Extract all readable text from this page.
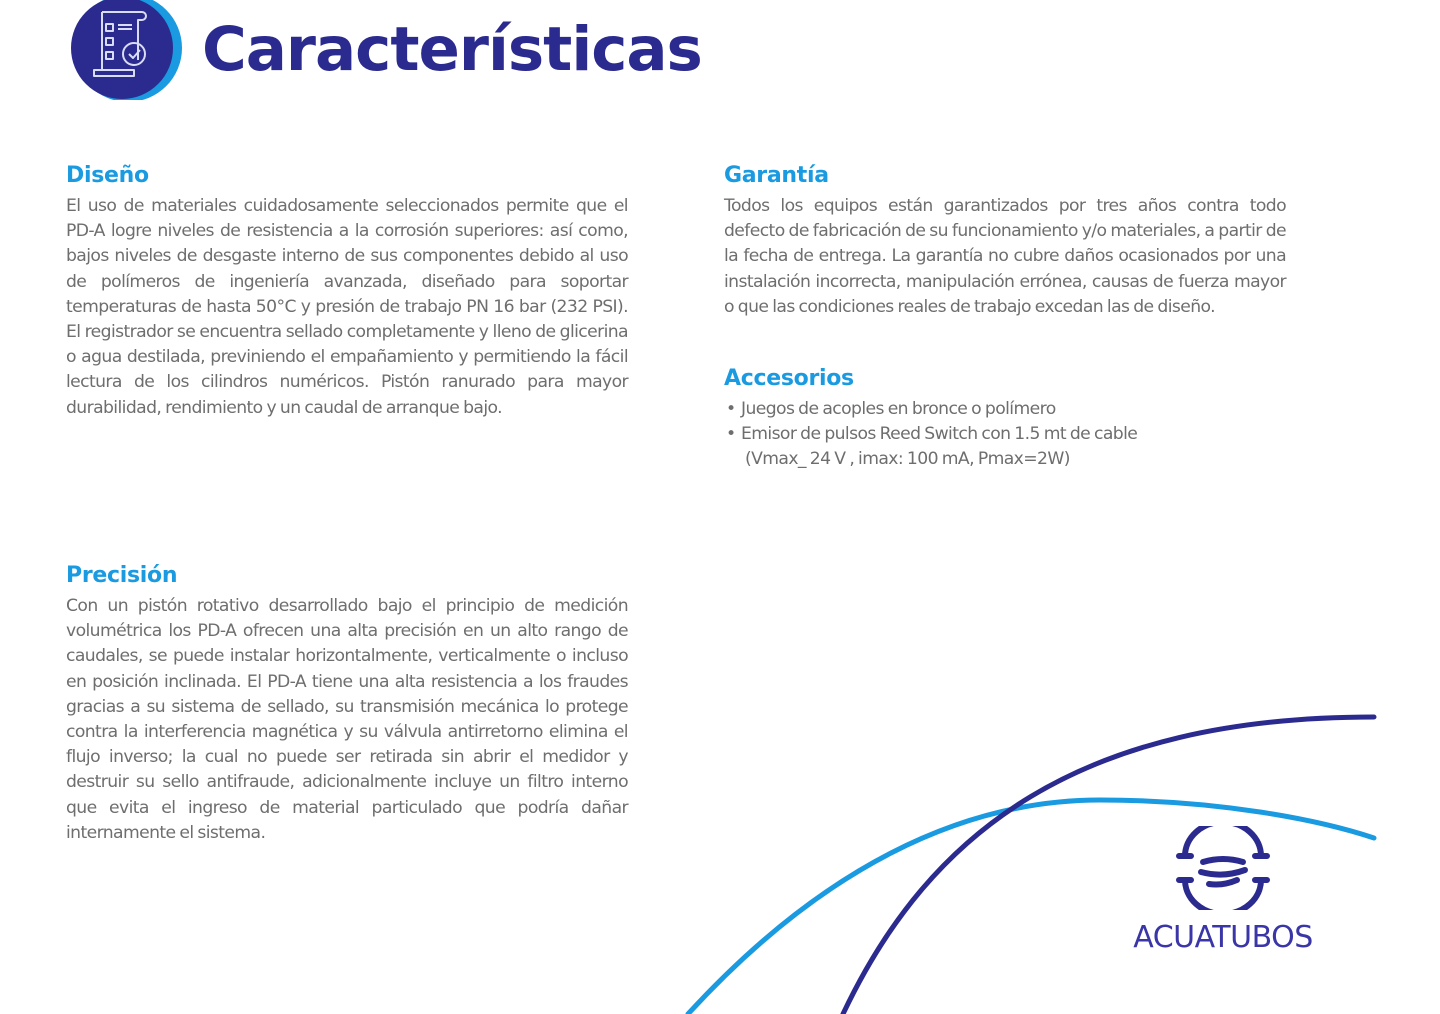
Características
Diseño

El uso de materiales cuidadosamente seleccionados permite que el PD-A logre niveles de resistencia a la corrosión superiores: así como, bajos niveles de desgaste interno de sus componentes debido al uso de polímeros de ingeniería avanzada, diseñado para soportar temperaturas de hasta 50°C y presión de trabajo PN 16 bar (232 PSI). El registrador se encuentra sellado completamente y lleno de glicerina o agua destilada, previniendo el empañamiento y permitiendo la fácil lectura de los cilindros numéricos. Pistón ranurado para mayor durabilidad, rendimiento y un caudal de arranque bajo.

Precisión

Con un pistón rotativo desarrollado bajo el principio de medición volumétrica los PD-A ofrecen una alta precisión en un alto rango de caudales, se puede instalar horizontalmente, verticalmente o incluso en posición inclinada. El PD-A tiene una alta resistencia a los fraudes gracias a su sistema de sellado, su transmisión mecánica lo protege contra la interferencia magnética y su válvula antirretorno elimina el flujo inverso; la cual no puede ser retirada sin abrir el medidor y destruir su sello antifraude, adicionalmente incluye un filtro interno que evita el ingreso de material particulado que podría dañar internamente el sistema.

Garantía

Todos los equipos están garantizados por tres años contra todo defecto de fabricación de su funcionamiento y/o materiales, a partir de la fecha de entrega. La garantía no cubre daños ocasionados por una instalación incorrecta, manipulación errónea, causas de fuerza mayor o que las condiciones reales de trabajo excedan las de diseño.

Accesorios
• Juegos de acoples en bronce o polímero
• Emisor de pulsos Reed Switch con 1.5 mt de cable
(Vmax_ 24 V , imax: 100 mA, Pmax=2W)
ACUATUBOS
